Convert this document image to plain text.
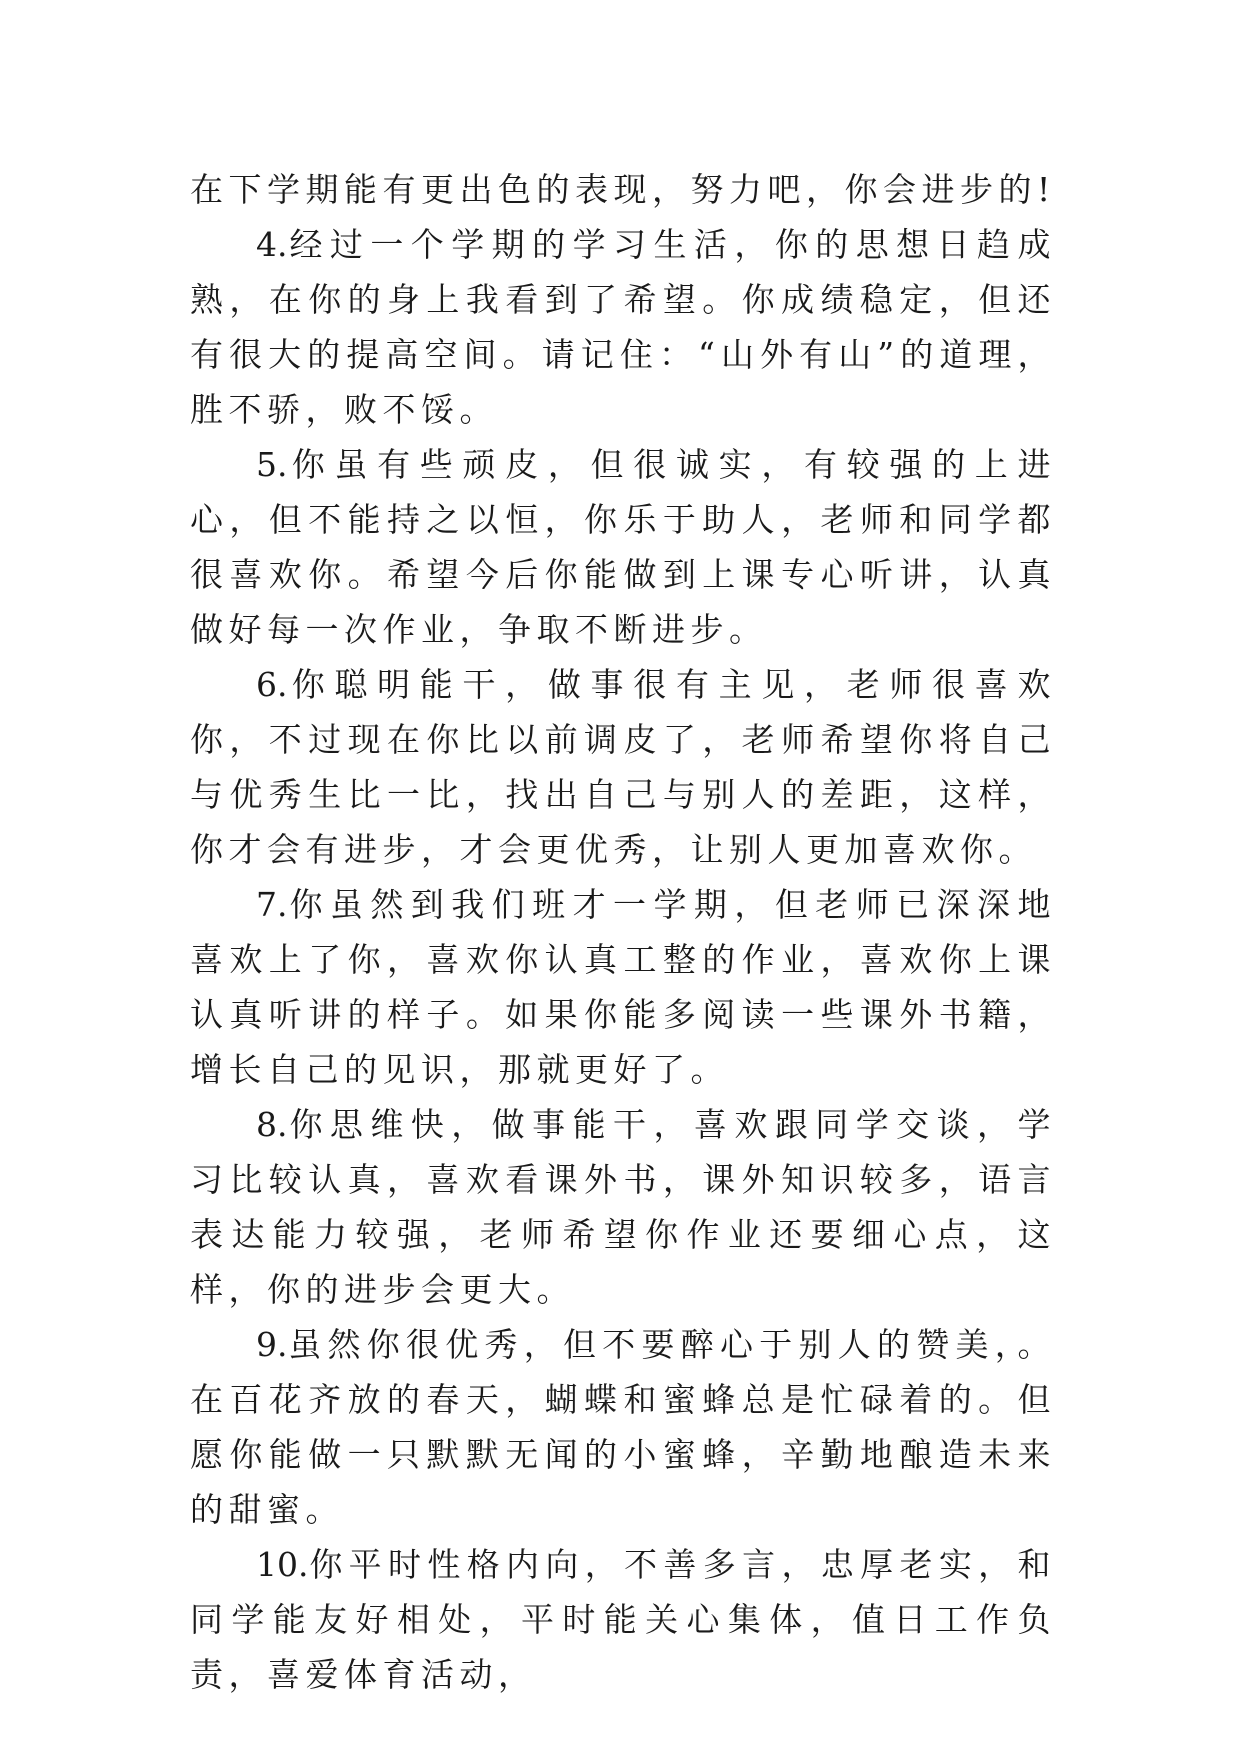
在下学期能有更出色的表现，努力吧，你会进步的!

4.经过一个学期的学习生活，你的思想日趋成熟，在你的身上我看到了希望。你成绩稳定，但还有很大的提高空间。请记住：“山外有山”的道理，胜不骄，败不馁。

5.你虽有些顽皮，但很诚实，有较强的上进心，但不能持之以恒，你乐于助人，老师和同学都很喜欢你。希望今后你能做到上课专心听讲，认真做好每一次作业，争取不断进步。

6.你聪明能干，做事很有主见，老师很喜欢你，不过现在你比以前调皮了，老师希望你将自己与优秀生比一比，找出自己与别人的差距，这样，你才会有进步，才会更优秀，让别人更加喜欢你。

7.你虽然到我们班才一学期，但老师已深深地喜欢上了你，喜欢你认真工整的作业，喜欢你上课认真听讲的样子。如果你能多阅读一些课外书籍，增长自己的见识，那就更好了。

8.你思维快，做事能干，喜欢跟同学交谈，学习比较认真，喜欢看课外书，课外知识较多，语言表达能力较强，老师希望你作业还要细心点，这样，你的进步会更大。

9.虽然你很优秀，但不要醉心于别人的赞美，。在百花齐放的春天，蝴蝶和蜜蜂总是忙碌着的。但愿你能做一只默默无闻的小蜜蜂，辛勤地酿造未来的甜蜜。

10.你平时性格内向，不善多言，忠厚老实，和同学能友好相处，平时能关心集体，值日工作负责，喜爱体育活动，
